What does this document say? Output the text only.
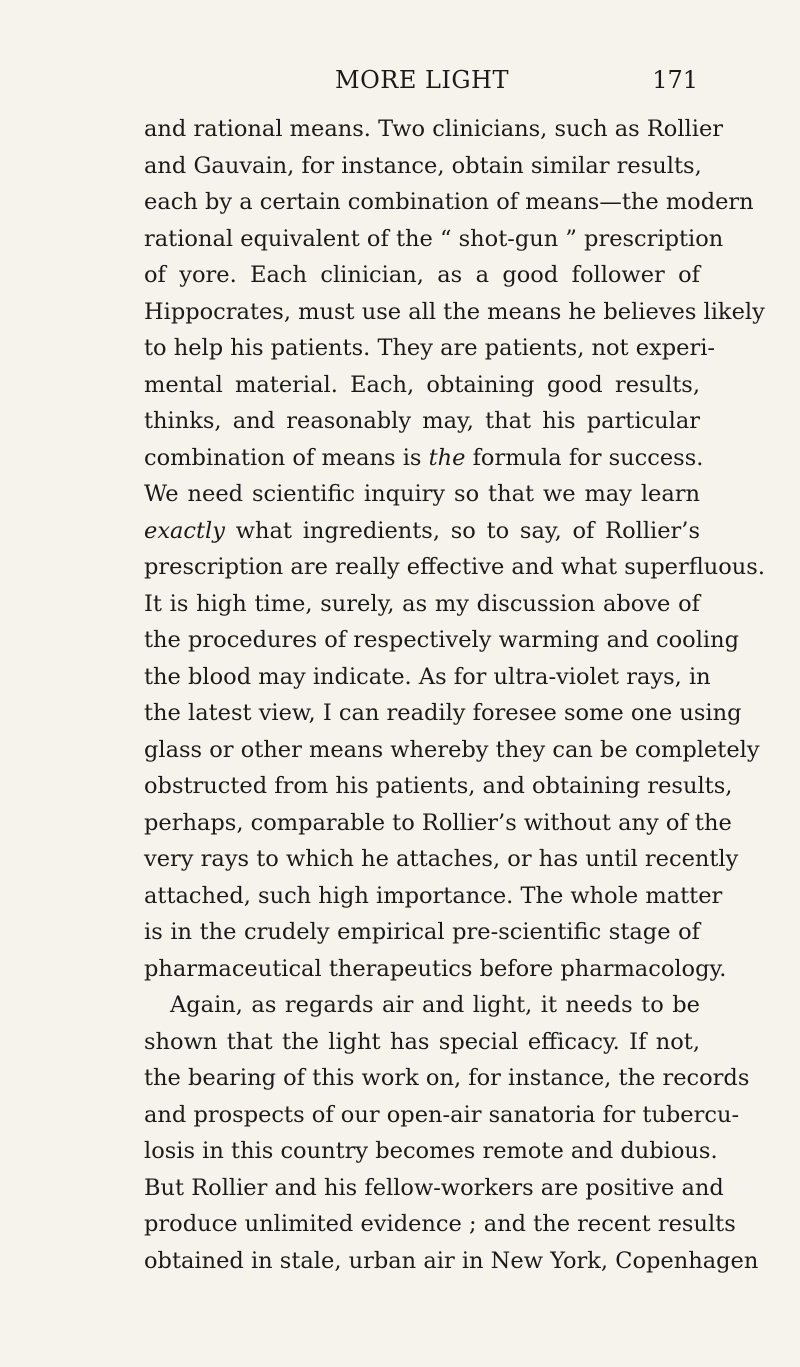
MORE LIGHT	171
and rational means. Two clinicians, such as Rollier
and Gauvain, for instance, obtain similar results,
each by a certain combination of means—the modern
rational equivalent of the “ shot-gun ” prescription
of yore. Each clinician, as a good follower of
Hippocrates, must use all the means he believes likely
to help his patients. They are patients, not experi-
mental material. Each, obtaining good results,
thinks, and reasonably may, that his particular
combination of means is the formula for success.
We need scientific inquiry so that we may learn
exactly what ingredients, so to say, of Rollier’s
prescription are really effective and what superfluous.
It is high time, surely, as my discussion above of
the procedures of respectively warming and cooling
the blood may indicate. As for ultra-violet rays, in
the latest view, I can readily foresee some one using
glass or other means whereby they can be completely
obstructed from his patients, and obtaining results,
perhaps, comparable to Rollier’s without any of the
very rays to which he attaches, or has until recently
attached, such high importance. The whole matter
is in the crudely empirical pre-scientific stage of
pharmaceutical therapeutics before pharmacology.
Again, as regards air and light, it needs to be
shown that the light has special efficacy. If not,
the bearing of this work on, for instance, the records
and prospects of our open-air sanatoria for tubercu-
losis in this country becomes remote and dubious.
But Rollier and his fellow-workers are positive and
produce unlimited evidence ; and the recent results
obtained in stale, urban air in New York, Copenhagen
